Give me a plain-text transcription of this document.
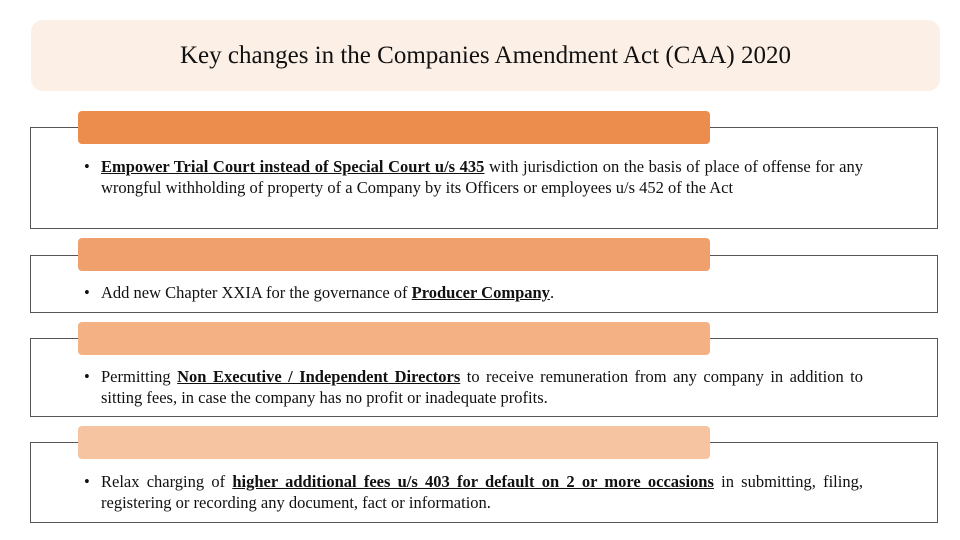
Key changes in the Companies Amendment Act (CAA) 2020
• Empower Trial Court instead of Special Court u/s 435 with jurisdiction on the basis of place of offense for any wrongful withholding of property of a Company by its Officers or employees u/s 452 of the Act
• Add new Chapter XXIA for the governance of Producer Company.
• Permitting Non Executive / Independent Directors to receive remuneration from any company in addition to sitting fees, in case the company has no profit or inadequate profits.
• Relax charging of higher additional fees u/s 403 for default on 2 or more occasions in submitting, filing, registering or recording any document, fact or information.
